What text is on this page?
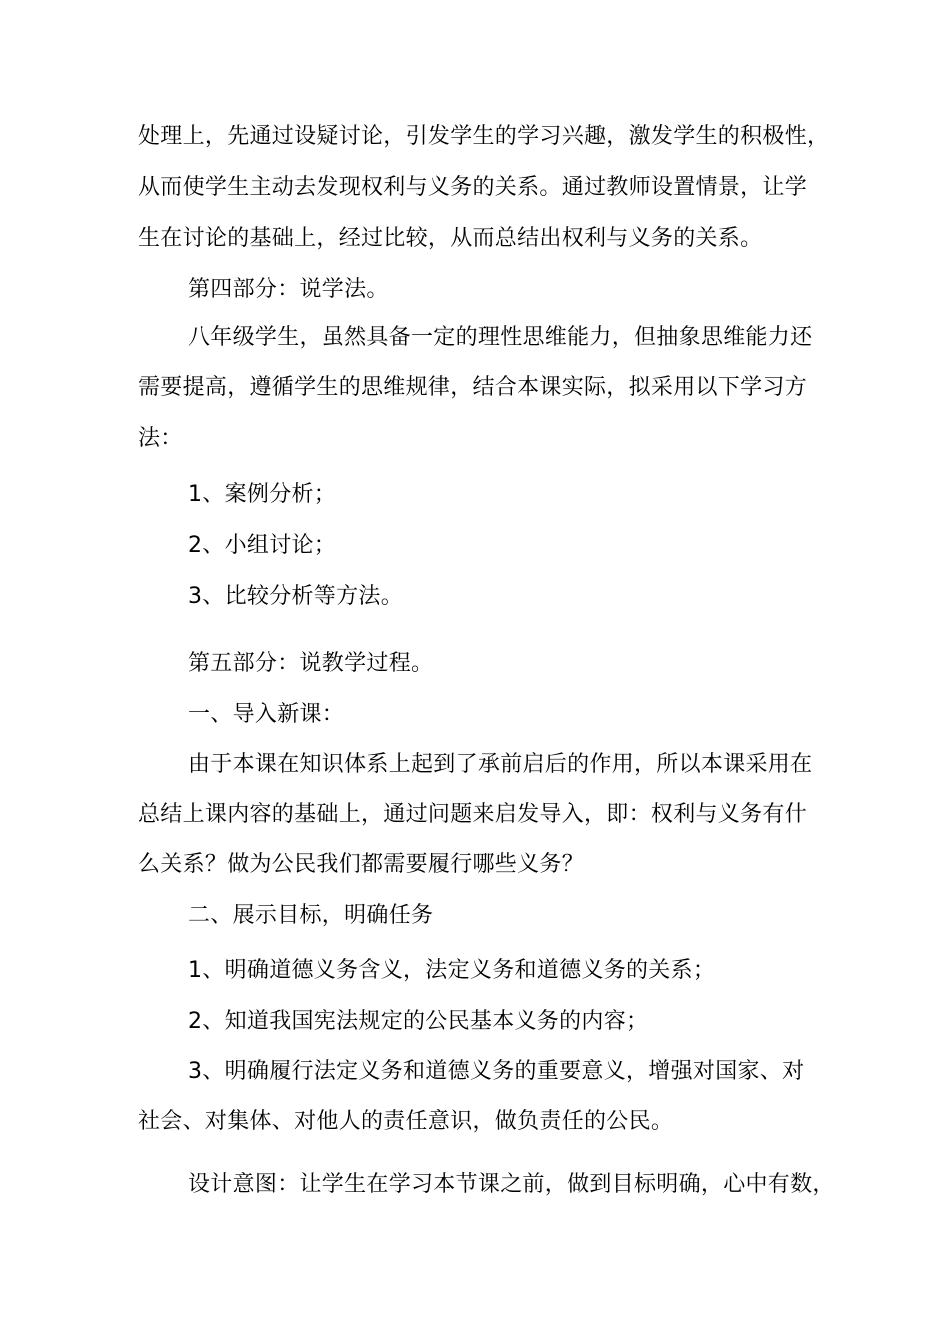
处理上，先通过设疑讨论，引发学生的学习兴趣，激发学生的积极性，
从而使学生主动去发现权利与义务的关系。通过教师设置情景，让学
生在讨论的基础上，经过比较，从而总结出权利与义务的关系。
第四部分：说学法。
八年级学生，虽然具备一定的理性思维能力，但抽象思维能力还
需要提高，遵循学生的思维规律，结合本课实际，拟采用以下学习方
法：
1、案例分析；
2、小组讨论；
3、比较分析等方法。
第五部分：说教学过程。
一、导入新课：
由于本课在知识体系上起到了承前启后的作用，所以本课采用在
总结上课内容的基础上，通过问题来启发导入，即：权利与义务有什
么关系？做为公民我们都需要履行哪些义务？
二、展示目标，明确任务
1、明确道德义务含义，法定义务和道德义务的关系；
2、知道我国宪法规定的公民基本义务的内容；
3、明确履行法定义务和道德义务的重要意义，增强对国家、对
社会、对集体、对他人的责任意识，做负责任的公民。
设计意图：让学生在学习本节课之前，做到目标明确，心中有数，
